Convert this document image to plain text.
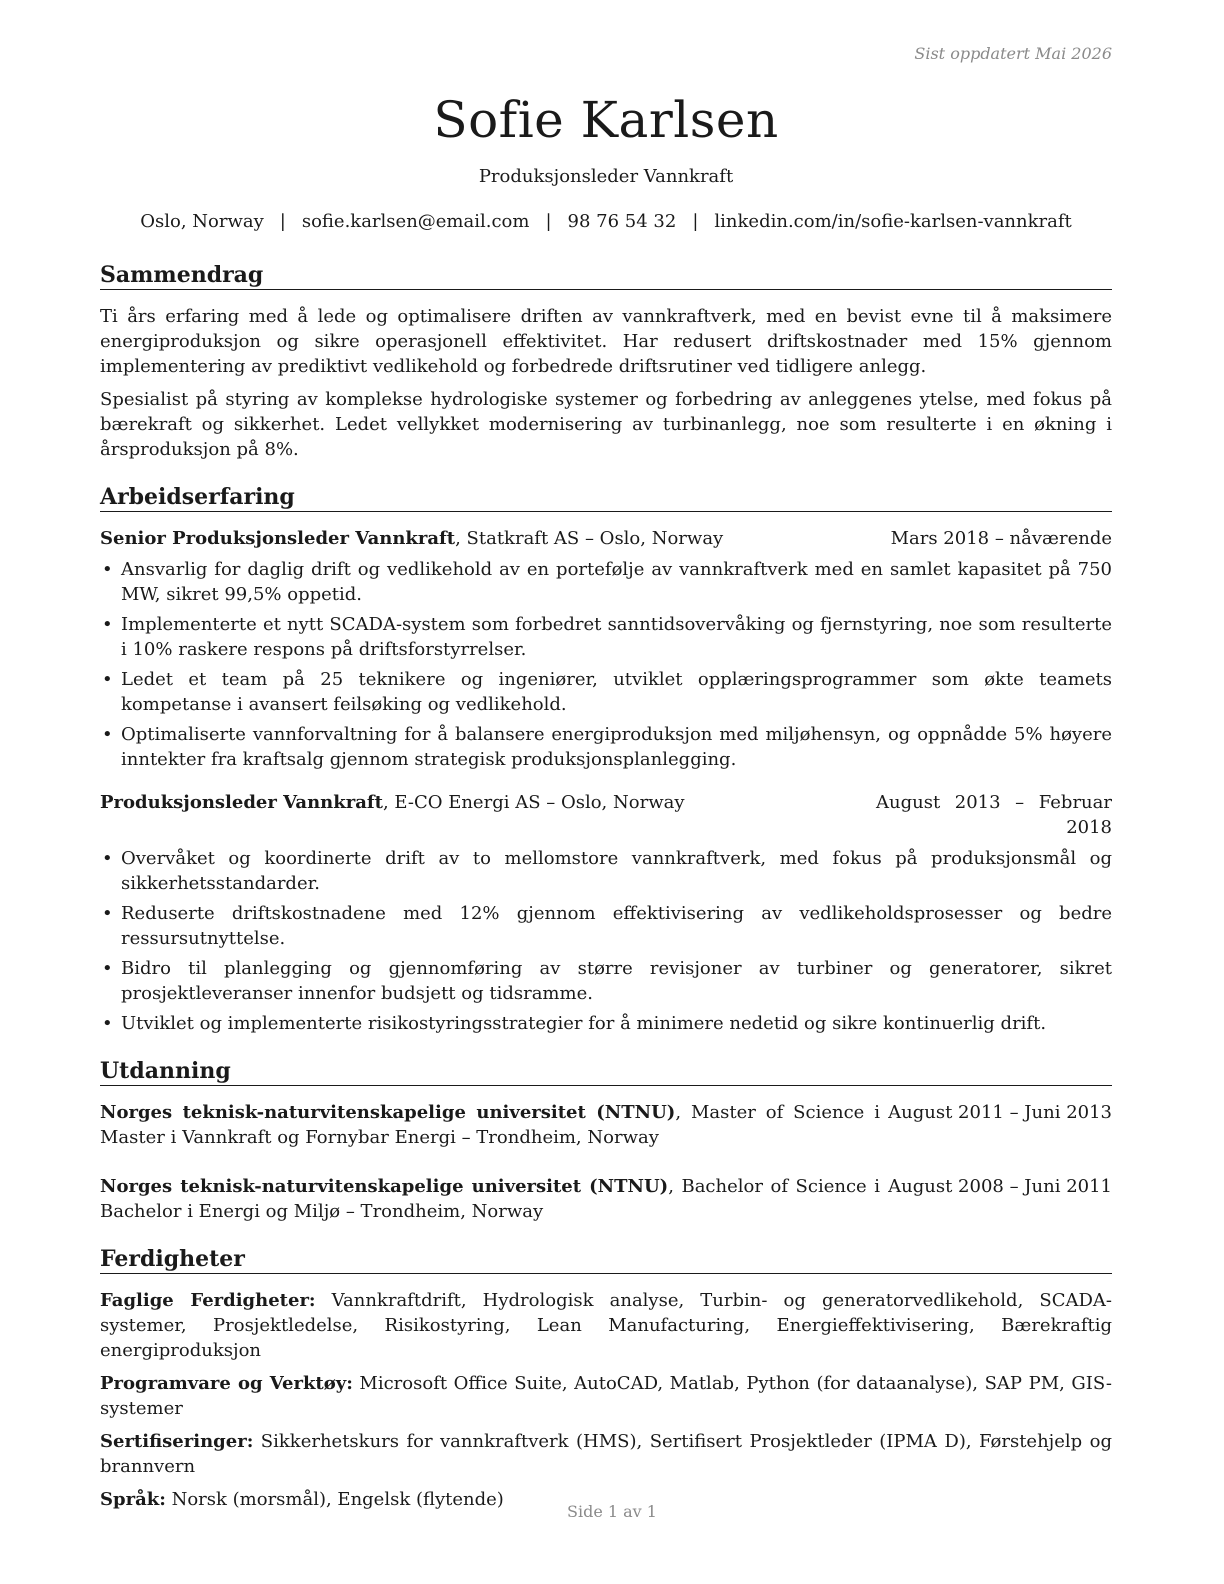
Sist oppdatert Mai 2026
Sofie Karlsen
Produksjonsleder Vannkraft
Oslo, Norway | sofie.karlsen@email.com | 98 76 54 32 | linkedin.com/in/sofie-karlsen-vannkraft
Sammendrag

Ti års erfaring med å lede og optimalisere driften av vannkraftverk, med en bevist evne til å maksimere energiproduksjon og sikre operasjonell effektivitet. Har redusert driftskostnader med 15% gjennom implementering av prediktivt vedlikehold og forbedrede driftsrutiner ved tidligere anlegg.

Spesialist på styring av komplekse hydrologiske systemer og forbedring av anleggenes ytelse, med fokus på bærekraft og sikkerhet. Ledet vellykket modernisering av turbinanlegg, noe som resulterte i en økning i årsproduksjon på 8%.

Arbeidserfaring
Senior Produksjonsleder Vannkraft, Statkraft AS – Oslo, Norway	Mars 2018 – nåværende
• Ansvarlig for daglig drift og vedlikehold av en portefølje av vannkraftverk med en samlet kapasitet på 750 MW, sikret 99,5% oppetid.
• Implementerte et nytt SCADA-system som forbedret sanntidsovervåking og fjernstyring, noe som resulterte i 10% raskere respons på driftsforstyrrelser.
• Ledet et team på 25 teknikere og ingeniører, utviklet opplæringsprogrammer som økte teamets kompetanse i avansert feilsøking og vedlikehold.
• Optimaliserte vannforvaltning for å balansere energiproduksjon med miljøhensyn, og oppnådde 5% høyere inntekter fra kraftsalg gjennom strategisk produksjonsplanlegging.
Produksjonsleder Vannkraft, E-CO Energi AS – Oslo, Norway	August 2013 – Februar 2018
• Overvåket og koordinerte drift av to mellomstore vannkraftverk, med fokus på produksjonsmål og sikkerhetsstandarder.
• Reduserte driftskostnadene med 12% gjennom effektivisering av vedlikeholdsprosesser og bedre ressursutnyttelse.
• Bidro til planlegging og gjennomføring av større revisjoner av turbiner og generatorer, sikret prosjektleveranser innenfor budsjett og tidsramme.
• Utviklet og implementerte risikostyringsstrategier for å minimere nedetid og sikre kontinuerlig drift.
Utdanning
Norges teknisk-naturvitenskapelige universitet (NTNU), Master of Science i Master i Vannkraft og Fornybar Energi – Trondheim, Norway
August 2011 – Juni 2013
Norges teknisk-naturvitenskapelige universitet (NTNU), Bachelor of Science i Bachelor i Energi og Miljø – Trondheim, Norway
August 2008 – Juni 2011
Ferdigheter
Faglige Ferdigheter: Vannkraftdrift, Hydrologisk analyse, Turbin- og generatorvedlikehold, SCADA-systemer, Prosjektledelse, Risikostyring, Lean Manufacturing, Energieffektivisering, Bærekraftig energiproduksjon
Programvare og Verktøy: Microsoft Office Suite, AutoCAD, Matlab, Python (for dataanalyse), SAP PM, GIS-systemer
Sertifiseringer: Sikkerhetskurs for vannkraftverk (HMS), Sertifisert Prosjektleder (IPMA D), Førstehjelp og brannvern
Språk: Norsk (morsmål), Engelsk (flytende)
Side 1 av 1
